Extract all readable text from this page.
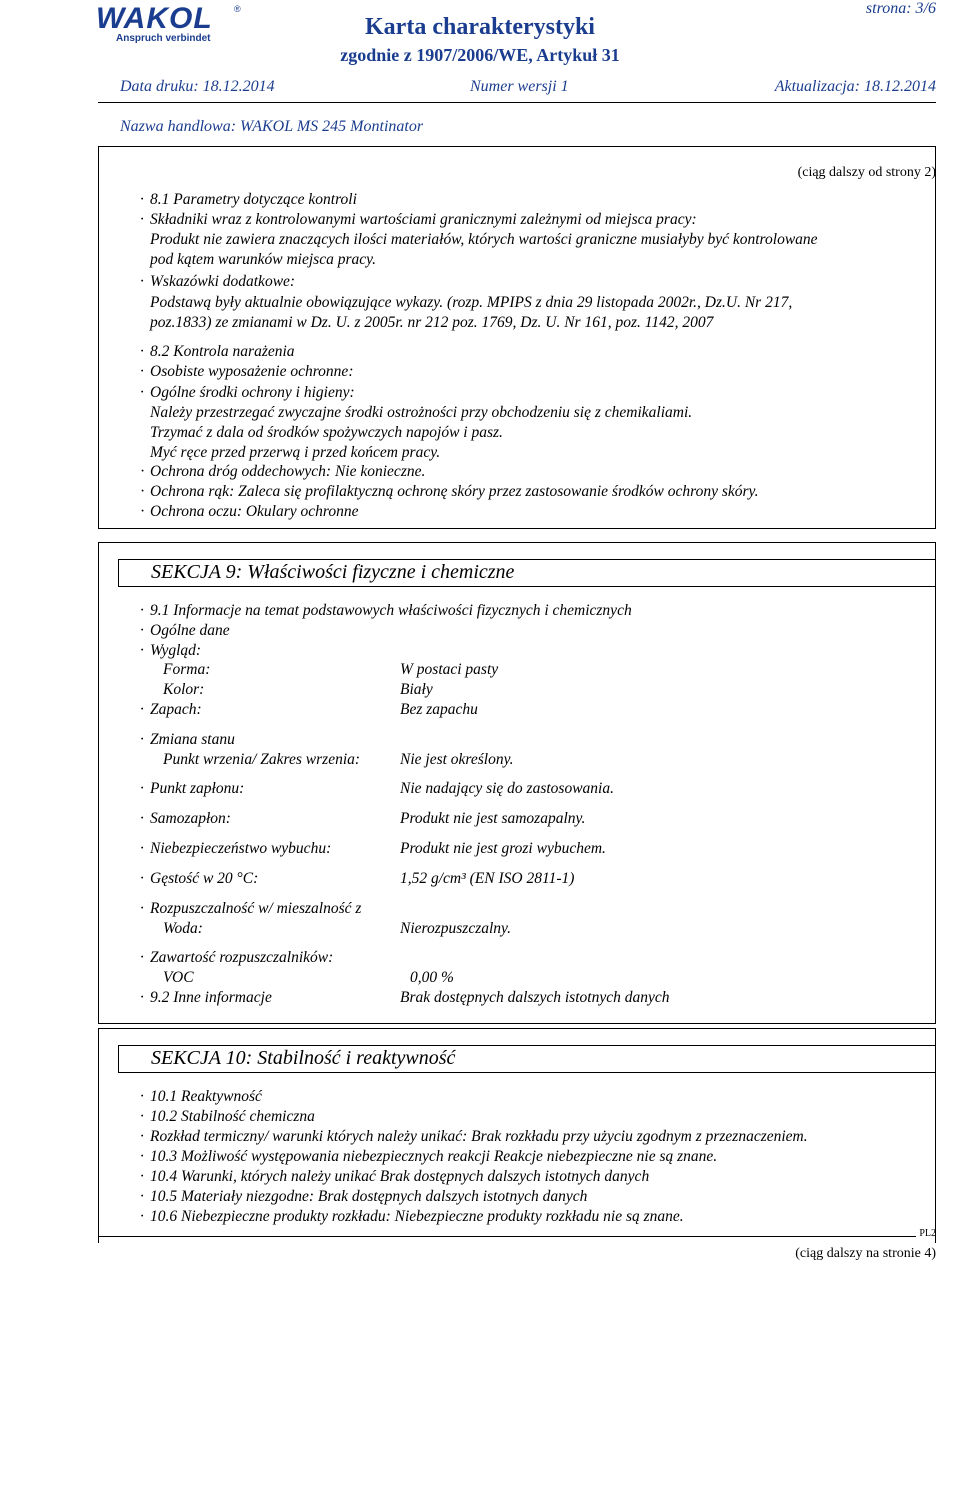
WAKOL ®
Anspruch verbindet	Karta charakterystyki
zgodnie z 1907/2006/WE, Artykuł 31
strona: 3/6
Data druku: 18.12.2014	Numer wersji 1	Aktualizacja: 18.12.2014
Nazwa handlowa: WAKOL MS 245 Montinator
(ciąg dalszy od strony 2)
· 8.1 Parametry dotyczące kontroli
· Składniki wraz z kontrolowanymi wartościami granicznymi zależnymi od miejsca pracy:
Produkt nie zawiera znaczących ilości materiałów, których wartości graniczne musiałyby być kontrolowane
pod kątem warunków miejsca pracy.
· Wskazówki dodatkowe:
Podstawą były aktualnie obowiązujące wykazy. (rozp. MPIPS z dnia 29 listopada 2002r., Dz.U. Nr 217,
poz.1833) ze zmianami w Dz. U. z 2005r. nr 212 poz. 1769, Dz. U. Nr 161, poz. 1142, 2007
· 8.2 Kontrola narażenia
· Osobiste wyposażenie ochronne:
· Ogólne środki ochrony i higieny:
Należy przestrzegać zwyczajne środki ostrożności przy obchodzeniu się z chemikaliami.
Trzymać z dala od środków spożywczych napojów i pasz.
Myć ręce przed przerwą i przed końcem pracy.
· Ochrona dróg oddechowych: Nie konieczne.
· Ochrona rąk: Zaleca się profilaktyczną ochronę skóry przez zastosowanie środków ochrony skóry.
· Ochrona oczu: Okulary ochronne
SEKCJA 9: Właściwości fizyczne i chemiczne
· 9.1 Informacje na temat podstawowych właściwości fizycznych i chemicznych
· Ogólne dane
· Wygląd:
Forma:	W postaci pasty
Kolor:	Biały
· Zapach:	Bez zapachu
· Zmiana stanu
Punkt wrzenia/ Zakres wrzenia:	Nie jest określony.
· Punkt zapłonu:	Nie nadający się do zastosowania.
· Samozapłon:	Produkt nie jest samozapalny.
· Niebezpieczeństwo wybuchu:	Produkt nie jest grozi wybuchem.
· Gęstość w 20 °C:	1,52 g/cm³ (EN ISO 2811-1)
· Rozpuszczalność w/ mieszalność z
Woda:	Nierozpuszczalny.
· Zawartość rozpuszczalników:
VOC	0,00 %
· 9.2 Inne informacje	Brak dostępnych dalszych istotnych danych
SEKCJA 10: Stabilność i reaktywność
· 10.1 Reaktywność
· 10.2 Stabilność chemiczna
· Rozkład termiczny/ warunki których należy unikać: Brak rozkładu przy użyciu zgodnym z przeznaczeniem.
· 10.3 Możliwość występowania niebezpiecznych reakcji Reakcje niebezpieczne nie są znane.
· 10.4 Warunki, których należy unikać Brak dostępnych dalszych istotnych danych
· 10.5 Materiały niezgodne: Brak dostępnych dalszych istotnych danych
· 10.6 Niebezpieczne produkty rozkładu: Niebezpieczne produkty rozkładu nie są znane.
PL2
(ciąg dalszy na stronie 4)
